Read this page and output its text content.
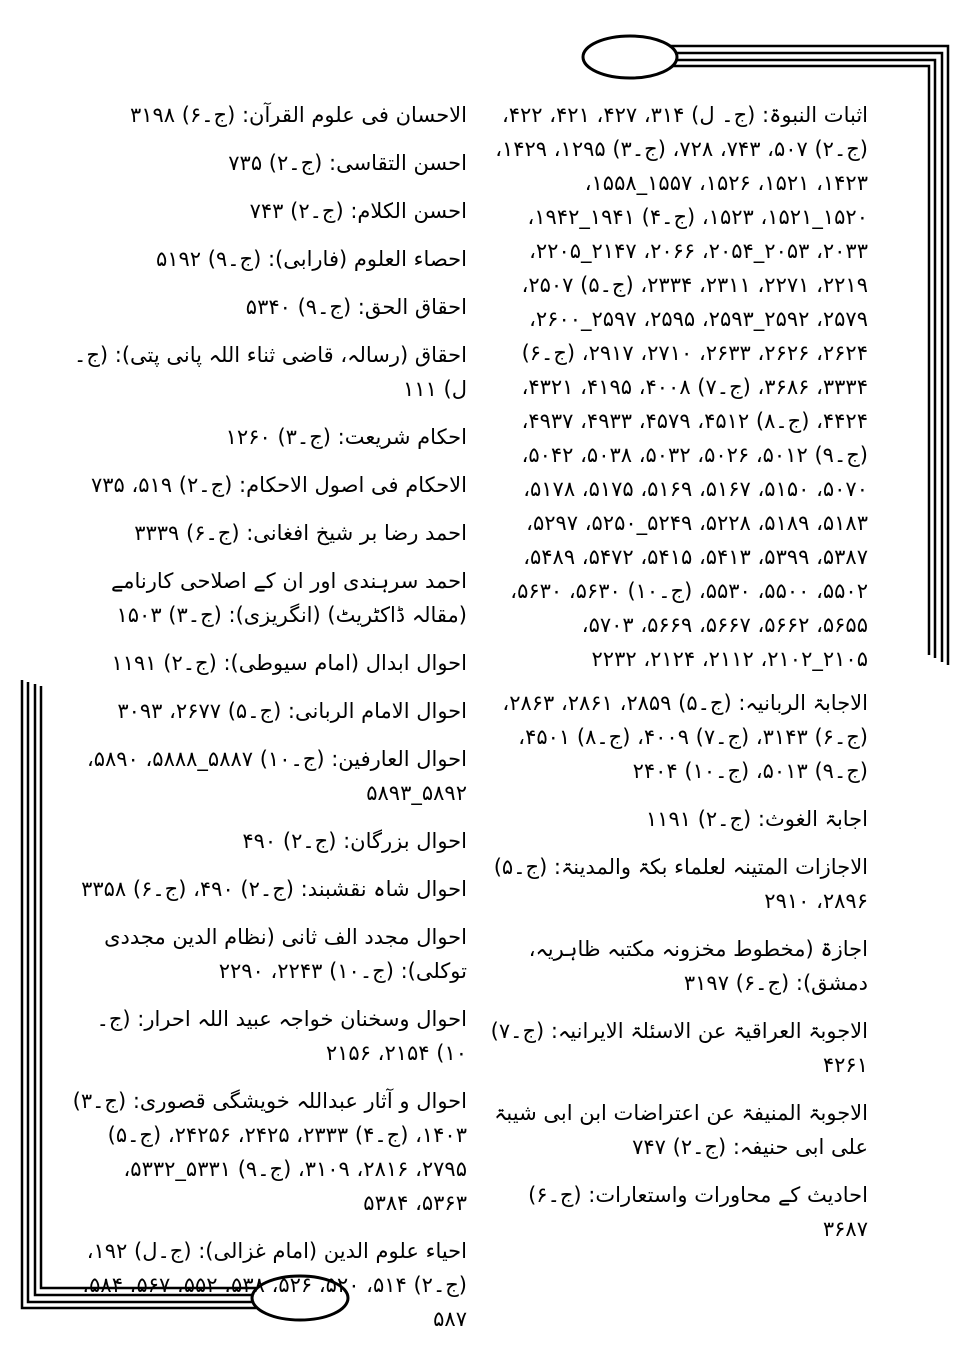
اثبات النبوۃ: (ج۔ ل) ۳۱۴، ۴۲۷، ۴۲۱، ۴۲۲، (ج۔۲) ۵۰۷، ۷۴۳، ۷۲۸، (ج۔۳) ۱۲۹۵، ۱۴۲۹، ۱۴۲۳، ۱۵۲۱، ۱۵۲۶، ۱۵۵۷_۱۵۵۸، ۱۵۲۰_۱۵۲۱، ۱۵۲۳، (ج۔۴) ۱۹۴۱_۱۹۴۲، ۲۰۳۳، ۲۰۵۳_۲۰۵۴، ۲۰۶۶، ۲۱۴۷_۲۲۰۵، ۲۲۱۹، ۲۲۷۱، ۲۳۱۱، ۲۳۳۴، (ج۔۵) ۲۵۰۷، ۲۵۷۹، ۲۵۹۲_۲۵۹۳، ۲۵۹۵، ۲۵۹۷_۲۶۰۰، ۲۶۲۴، ۲۶۲۶، ۲۶۳۳، ۲۷۱۰، ۲۹۱۷، (ج۔۶) ۳۳۳۴، ۳۶۸۶، (ج۔۷) ۴۰۰۸، ۴۱۹۵، ۴۳۲۱، ۴۴۲۴، (ج۔۸) ۴۵۱۲، ۴۵۷۹، ۴۹۳۳، ۴۹۳۷، (ج۔۹) ۵۰۱۲، ۵۰۲۶، ۵۰۳۲، ۵۰۳۸، ۵۰۴۲، ۵۰۷۰، ۵۱۵۰، ۵۱۶۷، ۵۱۶۹، ۵۱۷۵، ۵۱۷۸، ۵۱۸۳، ۵۱۸۹، ۵۲۲۸، ۵۲۴۹_۵۲۵۰، ۵۲۹۷، ۵۳۸۷، ۵۳۹۹، ۵۴۱۳، ۵۴۱۵، ۵۴۷۲، ۵۴۸۹، ۵۵۰۲، ۵۵۰۰، ۵۵۳۰، (ج۔۱۰) ۵۶۳۰، ۵۶۳۰، ۵۶۵۵، ۵۶۶۲، ۵۶۶۷، ۵۶۶۹، ۵۷۰۳، ۲۱۰۵_۲۱۰۲، ۲۱۱۲، ۲۱۲۴، ۲۲۳۲
الاجابۃ الربانیہ: (ج۔۵) ۲۸۵۹، ۲۸۶۱، ۲۸۶۳، (ج۔۶) ۳۱۴۳، (ج۔۷) ۴۰۰۹، (ج۔۸) ۴۵۰۱، (ج۔۹) ۵۰۱۳، (ج۔۱۰) ۲۴۰۴
اجابۃ الغوث: (ج۔۲) ۱۱۹۱
الاجازات المتینہ لعلماء بکۃ والمدینۃ: (ج۔۵) ۲۸۹۶، ۲۹۱۰
اجازۃ (مخطوط مخزونہ مکتبہ ظاہریہ، دمشق): (ج۔۶) ۳۱۹۷
الاجوبۃ العراقیۃ عن الاسئلۃ الایرانیہ: (ج۔۷) ۴۲۶۱
الاجوبۃ المنیفۃ عن اعتراضات ابن ابی شیبۃ علی ابی حنیفہ: (ج۔۲) ۷۴۷
احادیث کے محاورات واستعارات: (ج۔۶) ۳۶۸۷
الاحسان فی علوم القرآن: (ج۔۶) ۳۱۹۸
احسن التقاسی: (ج۔۲) ۷۳۵
احسن الکلام: (ج۔۲) ۷۴۳
احصاء العلوم (فارابی): (ج۔۹) ۵۱۹۲
احقاق الحق: (ج۔۹) ۵۳۴۰
احقاق (رسالہ، قاضی ثناء اللہ پانی پتی): (ج۔ل) ۱۱۱
احکام شریعت: (ج۔۳) ۱۲۶۰
الاحکام فی اصول الاحکام: (ج۔۲) ۵۱۹، ۷۳۵
احمد رضا بر شیخ افغانی: (ج۔۶) ۳۳۳۹
احمد سرہندی اور ان کے اصلاحی کارنامے (مقالہ ڈاکٹریٹ) (انگریزی): (ج۔۳) ۱۵۰۳
احوال ابدال (امام سیوطی): (ج۔۲) ۱۱۹۱
احوال الامام الربانی: (ج۔۵) ۲۶۷۷، ۳۰۹۳
احوال العارفین: (ج۔۱۰) ۵۸۸۷_۵۸۸۸، ۵۸۹۰، ۵۸۹۲_۵۸۹۳
احوال بزرگان: (ج۔۲) ۴۹۰
احوال شاہ نقشبند: (ج۔۲) ۴۹۰، (ج۔۶) ۳۳۵۸
احوال مجدد الف ثانی (نظام الدین مجددی توکلی): (ج۔۱۰) ۲۲۴۳، ۲۲۹۰
احوال وسخنان خواجہ عبید اللہ احرار: (ج۔۱۰) ۲۱۵۴، ۲۱۵۶
احوال و آثار عبداللہ خویشگی قصوری: (ج۔۳) ۱۴۰۳، (ج۔۴) ۲۳۳۳، ۲۴۲۵، ۲۴۲۵۶، (ج۔۵) ۲۷۹۵، ۲۸۱۶، ۳۱۰۹، (ج۔۹) ۵۳۳۱_۵۳۳۲، ۵۳۶۳، ۵۳۸۴
احیاء علوم الدین (امام غزالی): (ج۔ل) ۱۹۲، (ج۔۲) ۵۱۴، ۵۲۰، ۵۲۶، ۵۳۸، ۵۵۲، ۵۶۷، ۵۸۴، ۵۸۷
